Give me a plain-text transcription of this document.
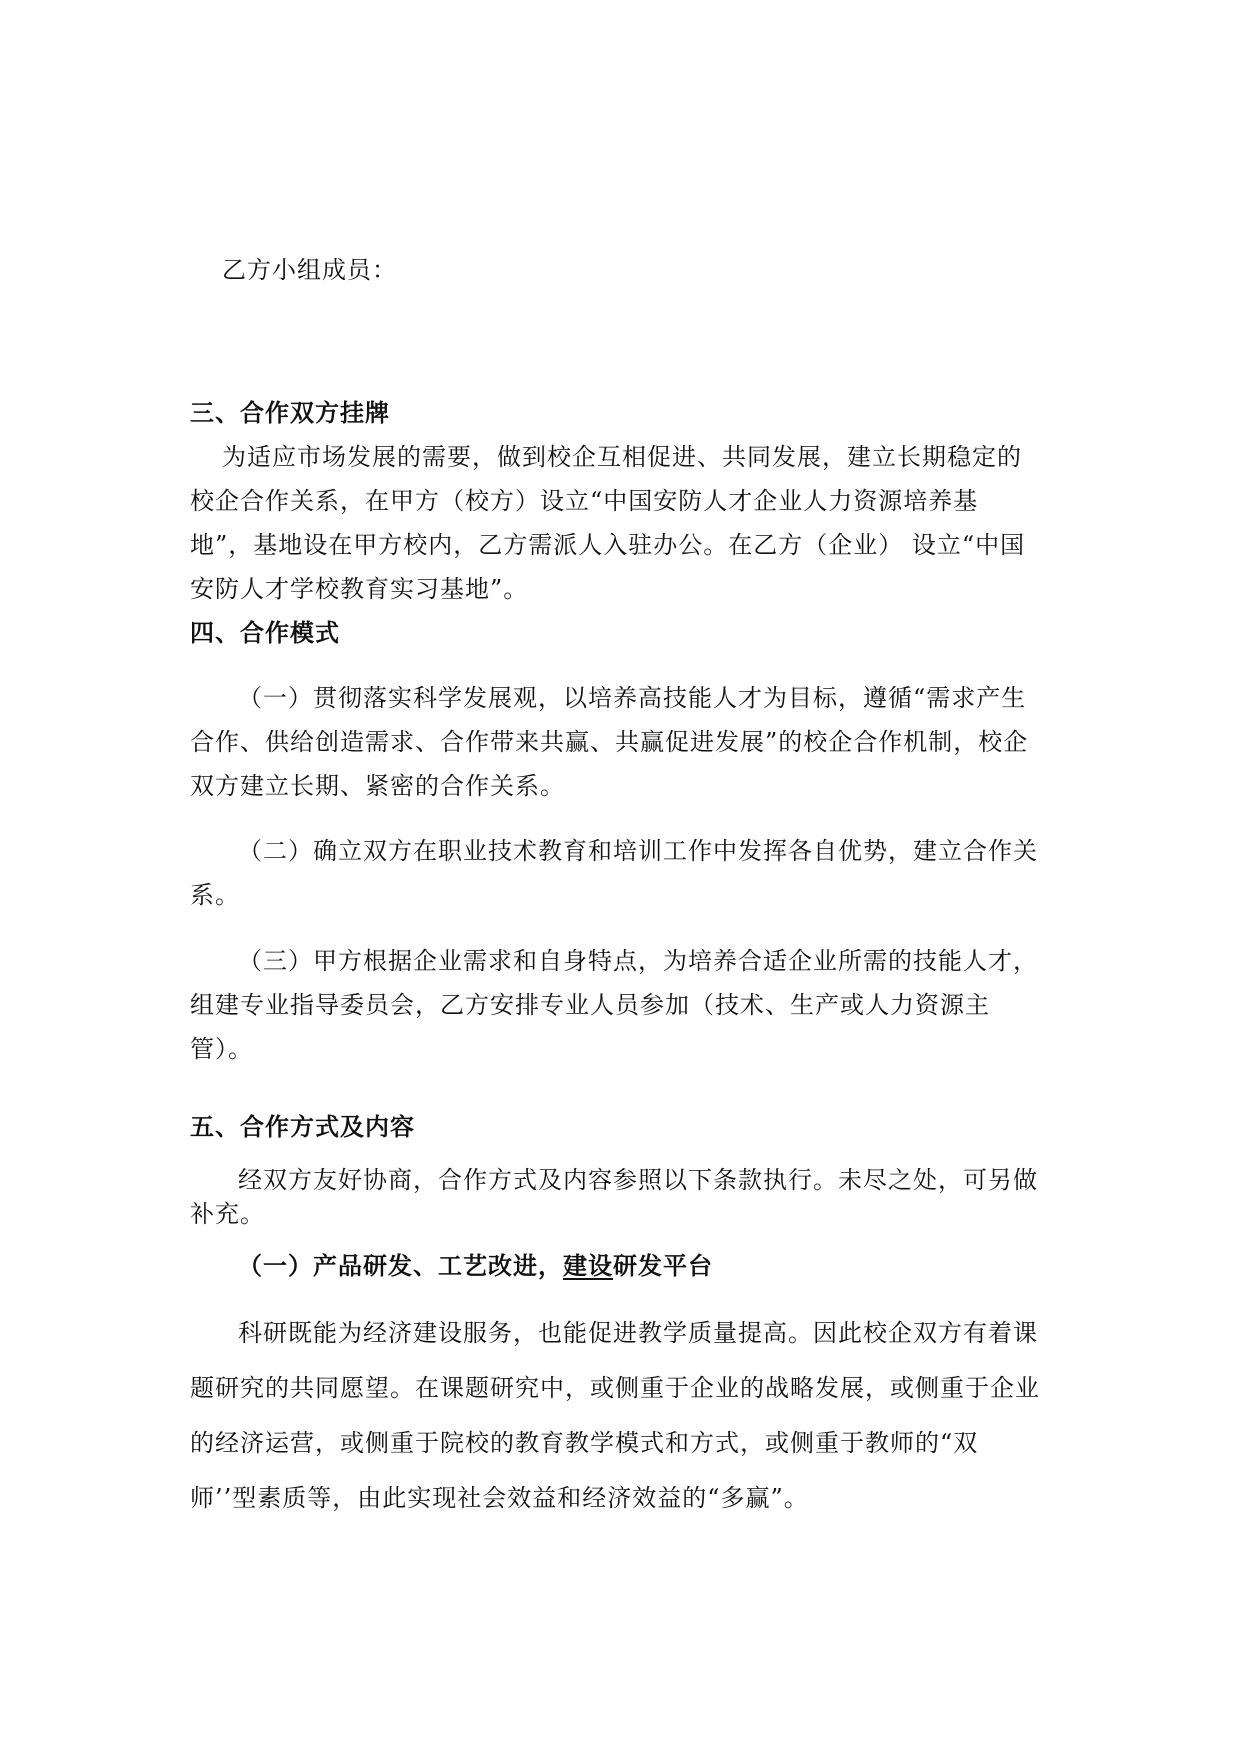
乙方小组成员：
三、合作双方挂牌
为适应市场发展的需要，做到校企互相促进、共同发展，建立长期稳定的
校企合作关系，在甲方（校方）设立“中国安防人才企业人力资源培养基
地”，基地设在甲方校内，乙方需派人入驻办公。在乙方（企业） 设立“中国
安防人才学校教育实习基地”。
四、合作模式
（一）贯彻落实科学发展观，以培养高技能人才为目标，遵循“需求产生
合作、供给创造需求、合作带来共赢、共赢促进发展”的校企合作机制，校企
双方建立长期、紧密的合作关系。
（二）确立双方在职业技术教育和培训工作中发挥各自优势，建立合作关
系。
（三）甲方根据企业需求和自身特点，为培养合适企业所需的技能人才，
组建专业指导委员会，乙方安排专业人员参加（技术、生产或人力资源主
管）。
五、合作方式及内容
经双方友好协商，合作方式及内容参照以下条款执行。未尽之处，可另做
补充。
（一）产品研发、工艺改进，建设研发平台
科研既能为经济建设服务，也能促进教学质量提高。因此校企双方有着课
题研究的共同愿望。在课题研究中，或侧重于企业的战略发展，或侧重于企业
的经济运营，或侧重于院校的教育教学模式和方式，或侧重于教师的“双
师’’型素质等，由此实现社会效益和经济效益的“多赢”。
